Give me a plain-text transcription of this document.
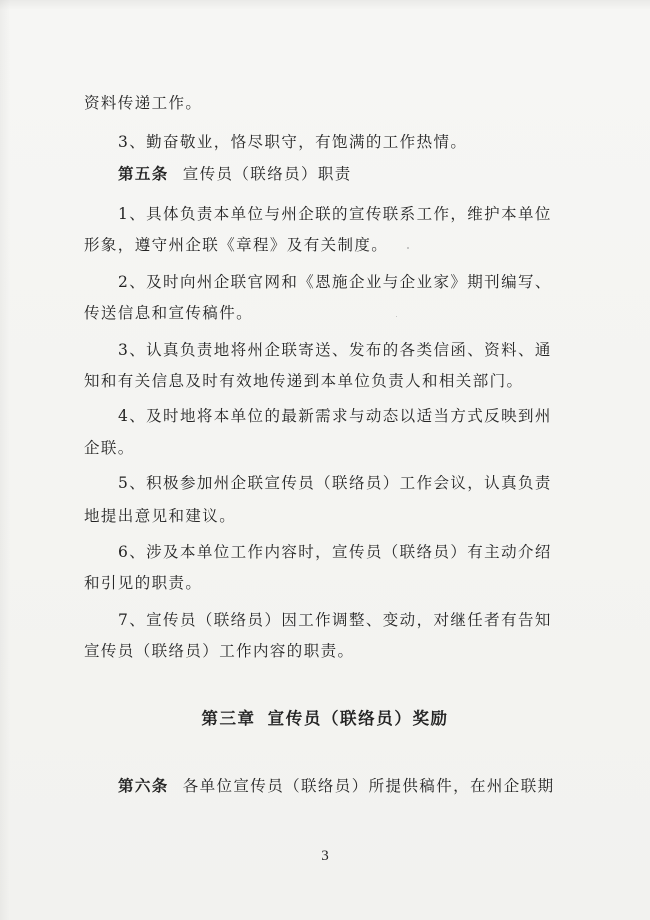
资料传递工作。
3、勤奋敬业，恪尽职守，有饱满的工作热情。
第五条 宣传员（联络员）职责
1、具体负责本单位与州企联的宣传联系工作，维护本单位
形象，遵守州企联《章程》及有关制度。
2、及时向州企联官网和《恩施企业与企业家》期刊编写、
传送信息和宣传稿件。
3、认真负责地将州企联寄送、发布的各类信函、资料、通
知和有关信息及时有效地传递到本单位负责人和相关部门。
4、及时地将本单位的最新需求与动态以适当方式反映到州
企联。
5、积极参加州企联宣传员（联络员）工作会议，认真负责
地提出意见和建议。
6、涉及本单位工作内容时，宣传员（联络员）有主动介绍
和引见的职责。
7、宣传员（联络员）因工作调整、变动，对继任者有告知
宣传员（联络员）工作内容的职责。
第三章 宣传员（联络员）奖励
第六条 各单位宣传员（联络员）所提供稿件，在州企联期
3
